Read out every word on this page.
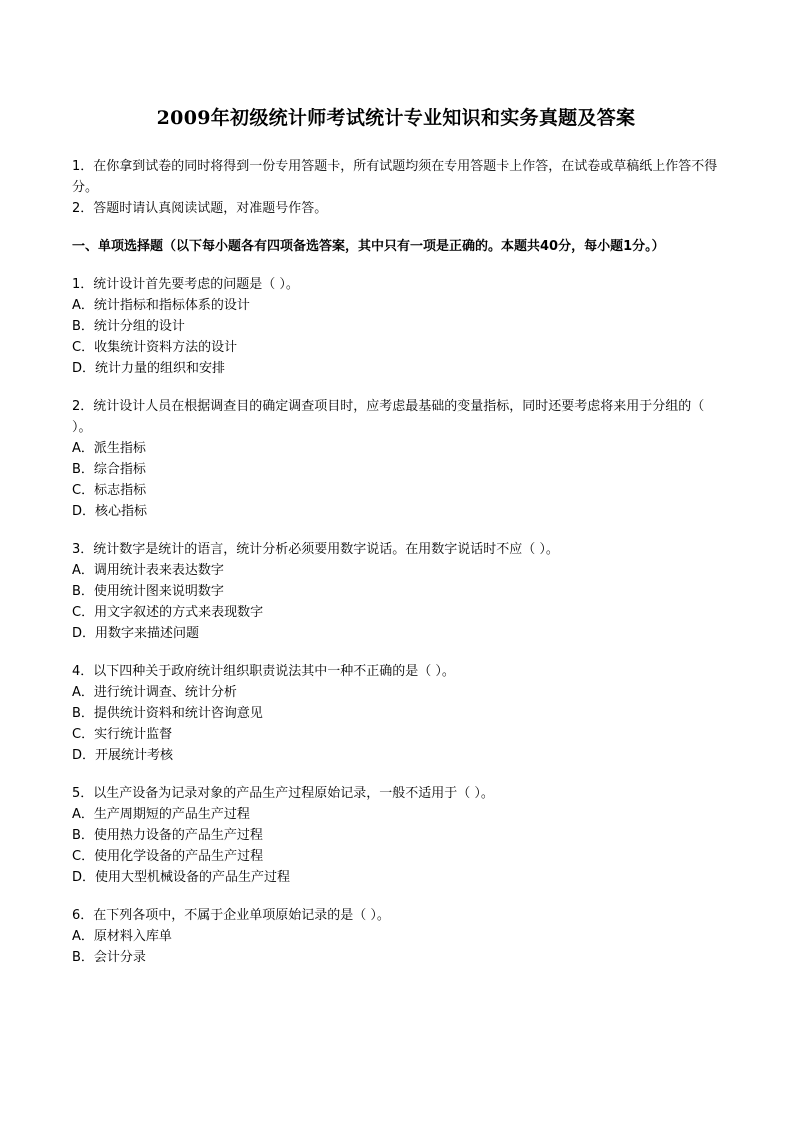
2009年初级统计师考试统计专业知识和实务真题及答案

1．在你拿到试卷的同时将得到一份专用答题卡，所有试题均须在专用答题卡上作答，在试卷或草稿纸上作答不得分。

2．答题时请认真阅读试题，对准题号作答。

一、单项选择题（以下每小题各有四项备选答案，其中只有一项是正确的。本题共40分，每小题1分。）

1．统计设计首先要考虑的问题是（ ）。

A．统计指标和指标体系的设计

B．统计分组的设计

C．收集统计资料方法的设计

D．统计力量的组织和安排

2．统计设计人员在根据调查目的确定调查项目时，应考虑最基础的变量指标，同时还要考虑将来用于分组的（ ）。

A．派生指标

B．综合指标

C．标志指标

D．核心指标

3．统计数字是统计的语言，统计分析必须要用数字说话。在用数字说话时不应（ ）。

A．调用统计表来表达数字

B．使用统计图来说明数字

C．用文字叙述的方式来表现数字

D．用数字来描述问题

4．以下四种关于政府统计组织职责说法其中一种不正确的是（ ）。

A．进行统计调查、统计分析

B．提供统计资料和统计咨询意见

C．实行统计监督

D．开展统计考核

5．以生产设备为记录对象的产品生产过程原始记录，一般不适用于（ ）。

A．生产周期短的产品生产过程

B．使用热力设备的产品生产过程

C．使用化学设备的产品生产过程

D．使用大型机械设备的产品生产过程

6．在下列各项中，不属于企业单项原始记录的是（ ）。

A．原材料入库单

B．会计分录
